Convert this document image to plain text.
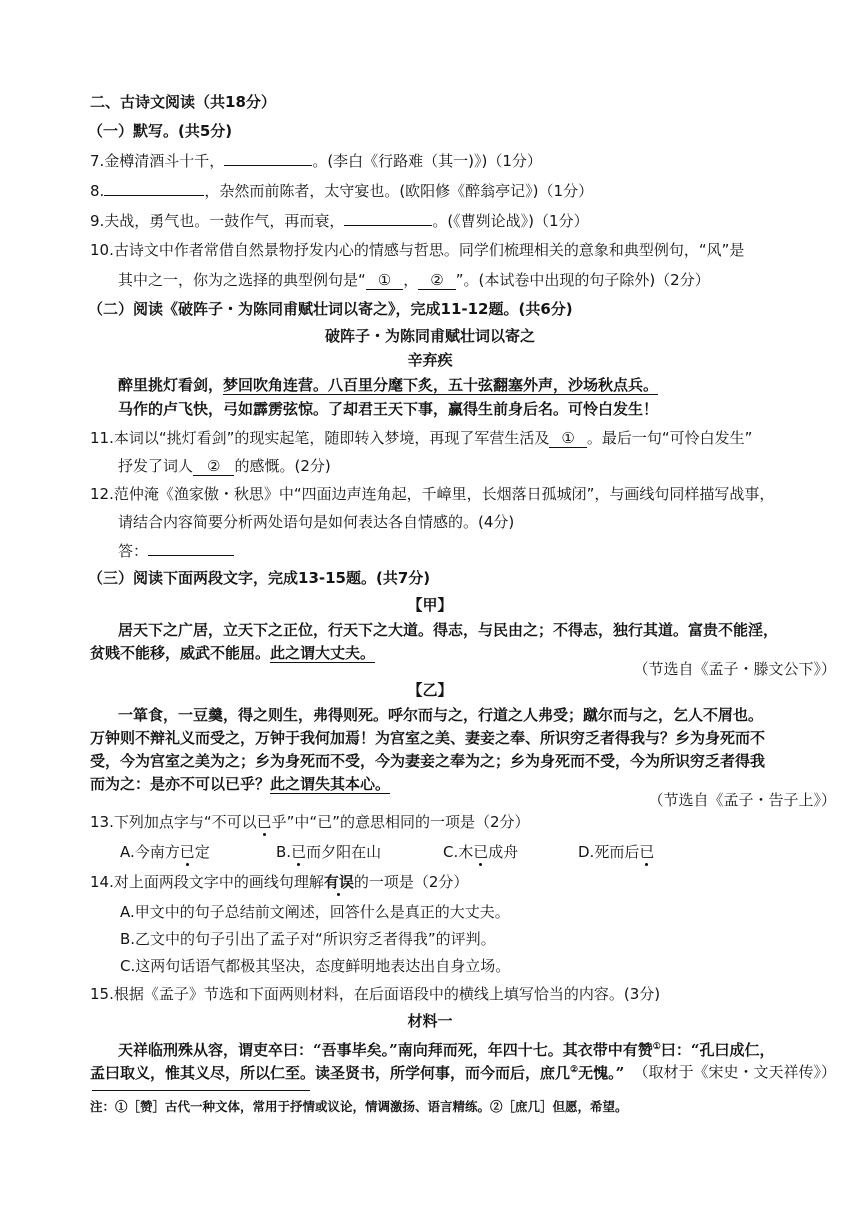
二、古诗文阅读（共18分）
（一）默写。(共5分)
7.金樽清酒斗十千，	。(李白《行路难（其一)》)（1分）
8.	，杂然而前陈者，太守宴也。(欧阳修《醉翁亭记》)（1分）
9.夫战，勇气也。一鼓作气，再而衰，	。(《曹刿论战》)（1分）
10.古诗文中作者常借自然景物抒发内心的情感与哲思。同学们梳理相关的意象和典型例句，“风”是
其中之一，你为之选择的典型例句是“ ① ， ② ”。(本试卷中出现的句子除外)（2分）
（二）阅读《破阵子・为陈同甫赋壮词以寄之》，完成11-12题。(共6分)
破阵子・为陈同甫赋壮词以寄之
辛弃疾
醉里挑灯看剑，梦回吹角连营。八百里分麾下炙，五十弦翻塞外声，沙场秋点兵。
马作的卢飞快，弓如霹雳弦惊。了却君王天下事，赢得生前身后名。可怜白发生！
11.本词以“挑灯看剑”的现实起笔，随即转入梦境，再现了军营生活及 ① 。最后一句“可怜白发生”
抒发了词人 ② 的感慨。(2分)
12.范仲淹《渔家傲・秋思》中“四面边声连角起，千嶂里，长烟落日孤城闭”，与画线句同样描写战事，
请结合内容简要分析两处语句是如何表达各自情感的。(4分)
答：
（三）阅读下面两段文字，完成13-15题。(共7分)
【甲】
居天下之广居，立天下之正位，行天下之大道。得志，与民由之；不得志，独行其道。富贵不能淫，
贫贱不能移，威武不能屈。此之谓大丈夫。
（节选自《孟子・滕文公下》）
【乙】
一箪食，一豆羹，得之则生，弗得则死。呼尔而与之，行道之人弗受；蹴尔而与之，乞人不屑也。
万钟则不辩礼义而受之，万钟于我何加焉！为宫室之美、妻妾之奉、所识穷乏者得我与？乡为身死而不
受，今为宫室之美为之；乡为身死而不受，今为妻妾之奉为之；乡为身死而不受，今为所识穷乏者得我
而为之：是亦不可以已乎？此之谓失其本心。
（节选自《孟子・告子上》）
13.下列加点字与“不可以已乎”中“已”的意思相同的一项是（2分）
A.今南方已定	B.已而夕阳在山	C.木已成舟	D.死而后已
14.对上面两段文字中的画线句理解有误的一项是（2分）
A.甲文中的句子总结前文阐述，回答什么是真正的大丈夫。
B.乙文中的句子引出了孟子对“所识穷乏者得我”的评判。
C.这两句话语气都极其坚决，态度鲜明地表达出自身立场。
15.根据《孟子》节选和下面两则材料，在后面语段中的横线上填写恰当的内容。(3分)
材料一
天祥临刑殊从容，谓吏卒曰：“吾事毕矣。”南向拜而死，年四十七。其衣带中有赞①曰：“孔曰成仁，
孟曰取义，惟其义尽，所以仁至。读圣贤书，所学何事，而今而后，庶几②无愧。” （取材于《宋史・文天祥传》）
注：①［赞］古代一种文体，常用于抒情或议论，情调激扬、语言精练。②［庶几］但愿，希望。
